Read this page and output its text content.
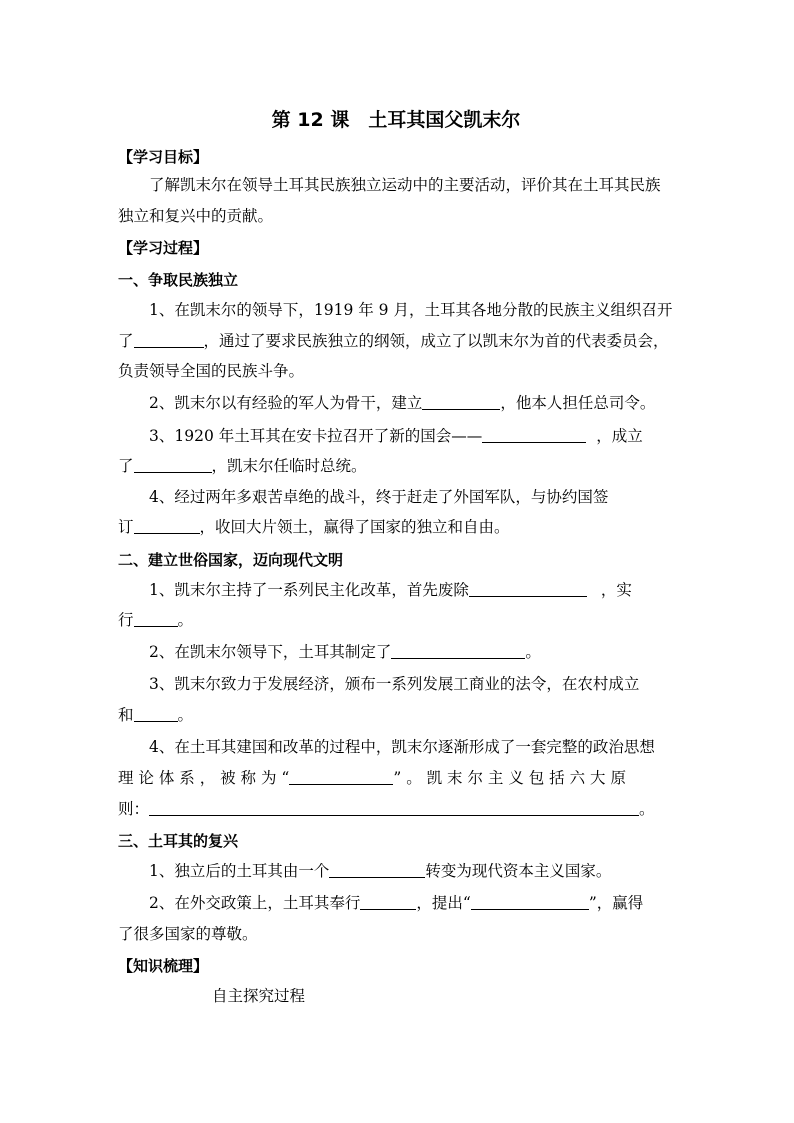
第 12 课　土耳其国父凯末尔
【学习目标】
了解凯末尔在领导土耳其民族独立运动中的主要活动，评价其在土耳其民族
独立和复兴中的贡献。
【学习过程】
一、争取民族独立
1、在凯末尔的领导下，1919 年 9 月，土耳其各地分散的民族主义组织召开
了	，通过了要求民族独立的纲领，成立了以凯末尔为首的代表委员会，
负责领导全国的民族斗争。
2、凯末尔以有经验的军人为骨干，建立	，他本人担任总司令。
3、1920 年土耳其在安卡拉召开了新的国会——	，成立
了	，凯末尔任临时总统。
4、经过两年多艰苦卓绝的战斗，终于赶走了外国军队，与协约国签
订	，收回大片领土，赢得了国家的独立和自由。
二、建立世俗国家，迈向现代文明
1、凯末尔主持了一系列民主化改革，首先废除	，实
行	。
2、在凯末尔领导下，土耳其制定了	。
3、凯末尔致力于发展经济，颁布一系列发展工商业的法令，在农村成立
和	。
4、在土耳其建国和改革的过程中，凯末尔逐渐形成了一套完整的政治思想
理 论 体 系 ， 被 称 为 “	” 。 凯 末 尔 主 义 包 括 六 大 原
则：	。
三、土耳其的复兴
1、独立后的土耳其由一个	转变为现代资本主义国家。
2、在外交政策上，土耳其奉行	，提出“	”，赢得
了很多国家的尊敬。
【知识梳理】
自主探究过程
